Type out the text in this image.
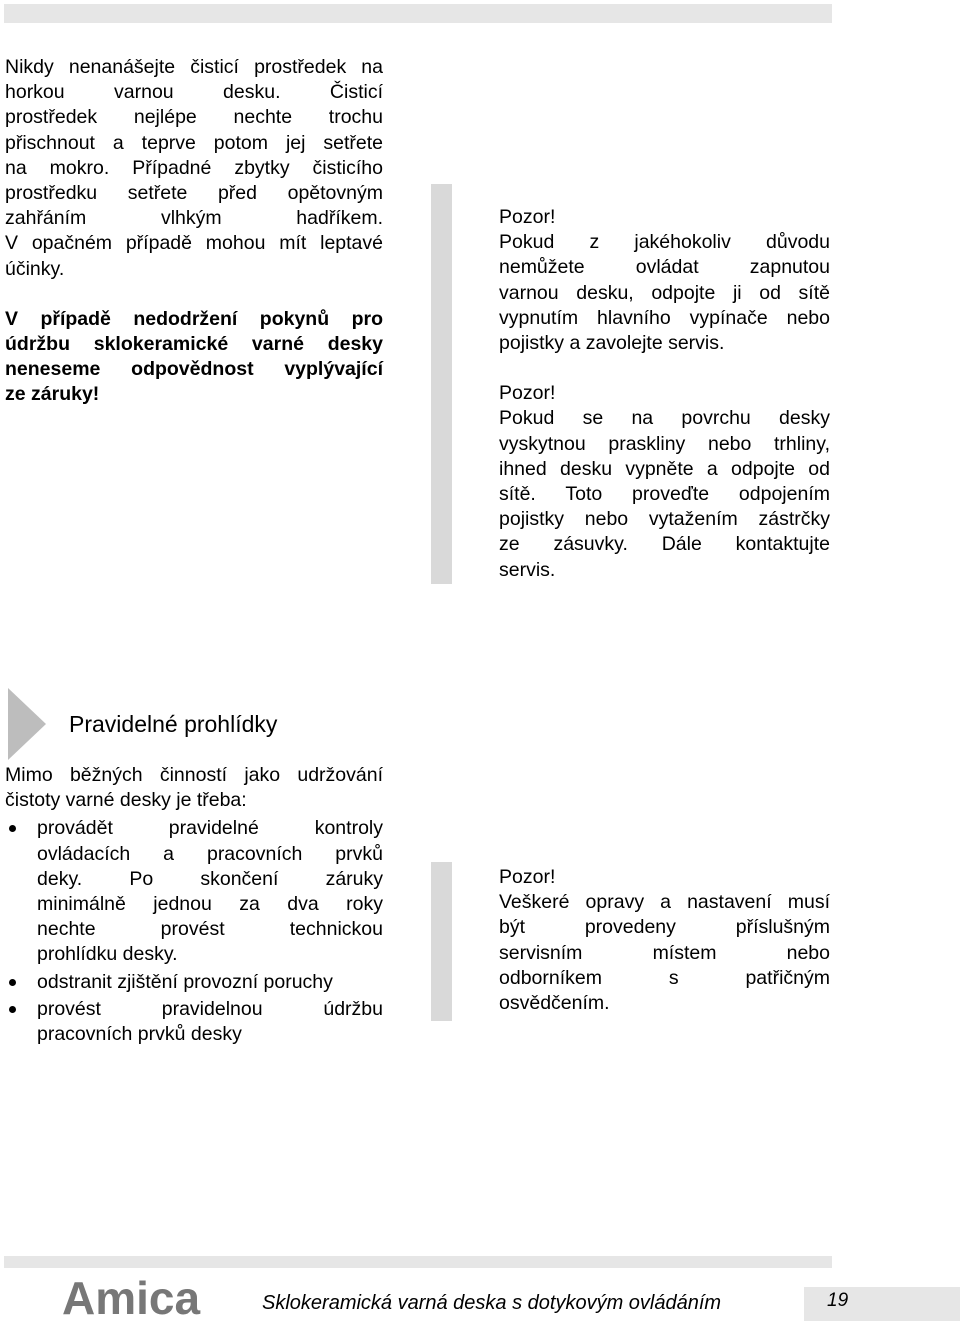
Nikdy nenanášejte čisticí prostředek na
horkou varnou desku. Čisticí
prostředek nejlépe nechte trochu
přischnout a teprve potom jej setřete
na mokro. Případné zbytky čisticího
prostředku setřete před opětovným
zahřáním vlhkým hadříkem.
V opačném případě mohou mít leptavé
účinky.

V případě nedodržení pokynů pro
údržbu sklokeramické varné desky
neneseme odpovědnost vyplývající
ze záruky!

Pozor!
Pokud z jakéhokoliv důvodu
nemůžete ovládat zapnutou
varnou desku, odpojte ji od sítě
vypnutím hlavního vypínače nebo
pojistky a zavolejte servis.

Pozor!
Pokud se na povrchu desky
vyskytnou praskliny nebo trhliny,
ihned desku vypněte a odpojte od
sítě. Toto proveďte odpojením
pojistky nebo vytažením zástrčky
ze zásuvky. Dále kontaktujte
servis.

Pravidelné prohlídky

Mimo běžných činností jako udržování
čistoty varné desky je třeba:

provádět pravidelné kontroly
ovládacích a pracovních prvků
deky. Po skončení záruky
minimálně jednou za dva roky
nechte provést technickou
prohlídku desky.
odstranit zjištění provozní poruchy
provést pravidelnou údržbu
pracovních prvků desky

Pozor!
Veškeré opravy a nastavení musí
být provedeny příslušným
servisním místem nebo
odborníkem s patřičným
osvědčením.

Amica	Sklokeramická varná deska s dotykovým ovládáním	19
